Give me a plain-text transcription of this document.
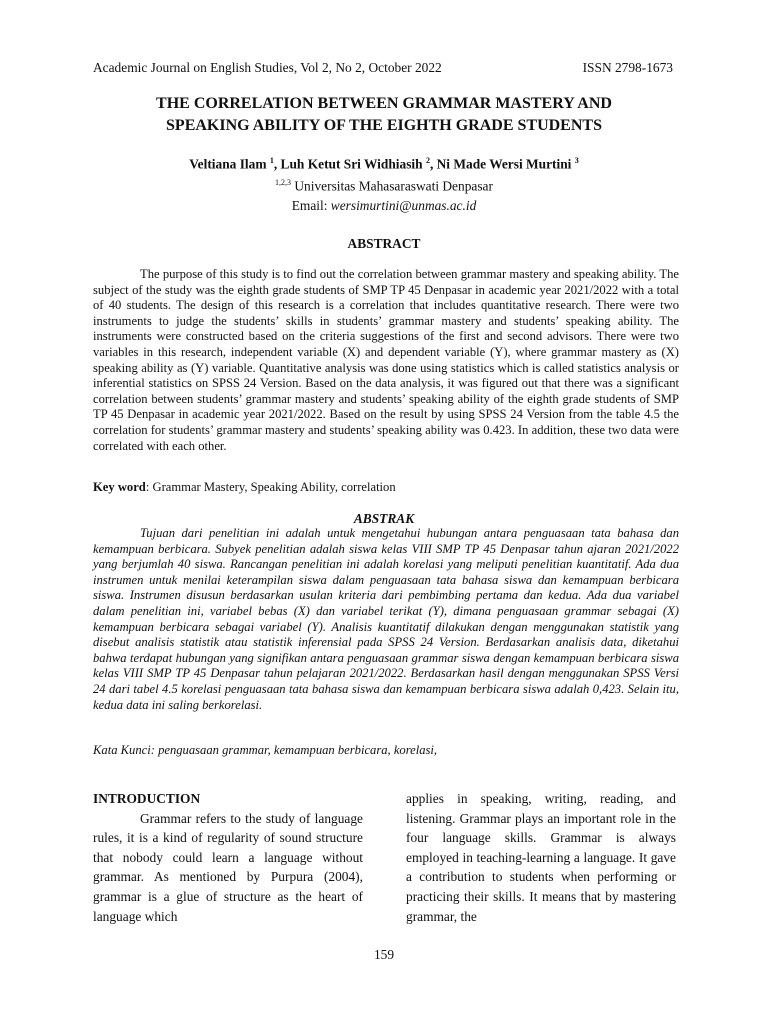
Academic Journal on English Studies, Vol 2, No 2, October 2022	ISSN 2798-1673
THE CORRELATION BETWEEN GRAMMAR MASTERY AND
SPEAKING ABILITY OF THE EIGHTH GRADE STUDENTS
Veltiana Ilam $^1$, Luh Ketut Sri Widhiasih $^2$, Ni Made Wersi Murtini $^3$
$^{1,2,3}$ Universitas Mahasaraswati Denpasar
Email: wersimurtini@unmas.ac.id
ABSTRACT
The purpose of this study is to find out the correlation between grammar mastery and speaking ability. The subject of the study was the eighth grade students of SMP TP 45 Denpasar in academic year 2021/2022 with a total of 40 students. The design of this research is a correlation that includes quantitative research. There were two instruments to judge the students’ skills in students’ grammar mastery and students’ speaking ability. The instruments were constructed based on the criteria suggestions of the first and second advisors. There were two variables in this research, independent variable (X) and dependent variable (Y), where grammar mastery as (X) speaking ability as (Y) variable. Quantitative analysis was done using statistics which is called statistics analysis or inferential statistics on SPSS 24 Version. Based on the data analysis, it was figured out that there was a significant correlation between students’ grammar mastery and students’ speaking ability of the eighth grade students of SMP TP 45 Denpasar in academic year 2021/2022. Based on the result by using SPSS 24 Version from the table 4.5 the correlation for students’ grammar mastery and students’ speaking ability was 0.423. In addition, these two data were correlated with each other.
Key word: Grammar Mastery, Speaking Ability, correlation
ABSTRAK
Tujuan dari penelitian ini adalah untuk mengetahui hubungan antara penguasaan tata bahasa dan kemampuan berbicara. Subyek penelitian adalah siswa kelas VIII SMP TP 45 Denpasar tahun ajaran 2021/2022 yang berjumlah 40 siswa. Rancangan penelitian ini adalah korelasi yang meliputi penelitian kuantitatif. Ada dua instrumen untuk menilai keterampilan siswa dalam penguasaan tata bahasa siswa dan kemampuan berbicara siswa. Instrumen disusun berdasarkan usulan kriteria dari pembimbing pertama dan kedua. Ada dua variabel dalam penelitian ini, variabel bebas (X) dan variabel terikat (Y), dimana penguasaan grammar sebagai (X) kemampuan berbicara sebagai variabel (Y). Analisis kuantitatif dilakukan dengan menggunakan statistik yang disebut analisis statistik atau statistik inferensial pada SPSS 24 Version. Berdasarkan analisis data, diketahui bahwa terdapat hubungan yang signifikan antara penguasaan grammar siswa dengan kemampuan berbicara siswa kelas VIII SMP TP 45 Denpasar tahun pelajaran 2021/2022. Berdasarkan hasil dengan menggunakan SPSS Versi 24 dari tabel 4.5 korelasi penguasaan tata bahasa siswa dan kemampuan berbicara siswa adalah 0,423. Selain itu, kedua data ini saling berkorelasi.
Kata Kunci: penguasaan grammar, kemampuan berbicara, korelasi,

INTRODUCTION

Grammar refers to the study of language rules, it is a kind of regularity of sound structure that nobody could learn a language without grammar. As mentioned by Purpura (2004), grammar is a glue of structure as the heart of language which

applies in speaking, writing, reading, and listening. Grammar plays an important role in the four language skills. Grammar is always employed in teaching-learning a language. It gave a contribution to students when performing or practicing their skills. It means that by mastering grammar, the

159
